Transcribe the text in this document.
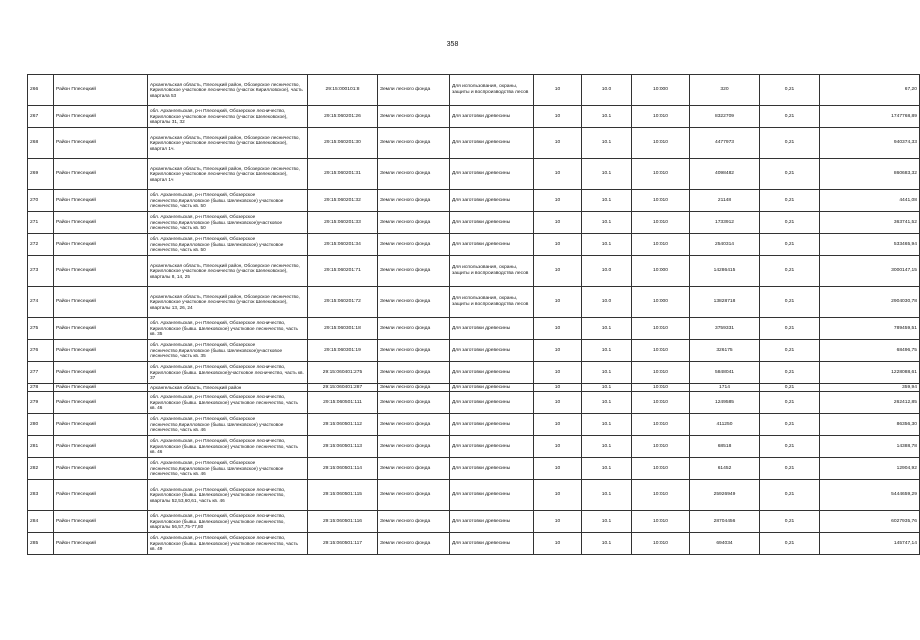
358
266	Район Плесецкий	Архангельская область, Плесецкий район, Обозерское лесничество, Кирилловское участковое лесничество (участок Кирилловское), часть квартала 53	29:15:000101:8	Земли лесного фонда	Для использования, охраны, защиты и воспроизводства лесов	10	10.0	10:000	320	0,21	67,20
267	Район Плесецкий	обл. Архангельская, р-н Плесецкий, Обозерское лесничество, Кирилловское участковое лесничество (участок Шелековское), кварталы 31, 32	29:15:060201:26	Земли лесного фонда	Для заготовки древесины	10	10.1	10:010	8322709	0,21	1747768,89
268	Район Плесецкий	Архангельская область, Плесецкий район, Обозерское лесничество, Кирилловское участковое лесничество (участок Шелековское), квартал 1ч.	29:15:060201:30	Земли лесного фонда	Для заготовки древесины	10	10.1	10:010	4477973	0,21	940374,33
269	Район Плесецкий	Архангельская область, Плесецкий район, Обозерское лесничество, Кирилловское участковое лесничество (участок Шелековское), квартал 1ч	29:15:060201:31	Земли лесного фонда	Для заготовки древесины	10	10.1	10:010	4098482	0,21	860683,32
270	Район Плесецкий	обл. Архангельская, р-н Плесецкий, Обозерское лесничество,Кирилловское (бывш. Шелековское) участковое лесничество, часть кв. 50	29:15:060201:32	Земли лесного фонда	Для заготовки древесины	10	10.1	10:010	21148	0,21	4441,08
271	Район Плесецкий	обл. Архангельская, р-н Плесецкий, Обозерское лесничество,Кирилловское (бывш. Шелековское)участковое лесничество, часть кв. 50	29:15:060201:33	Земли лесного фонда	Для заготовки древесины	10	10.1	10:010	1733912	0,21	363741,52
272	Район Плесецкий	обл. Архангельская, р-н Плесецкий, Обозерское лесничество,Кирилловское (бывш. Шелековское) участковое лесничество, часть кв. 50	29:15:060201:34	Земли лесного фонда	Для заготовки древесины	10	10.1	10:010	2540314	0,21	533465,94
273	Район Плесецкий	Архангельская область, Плесецкий район, Обозерское лесничество, Кирилловское участковое лесничество (участок Шелековское), кварталы 8, 14, 25	29:15:060201:71	Земли лесного фонда	Для использования, охраны, защиты и воспроизводства лесов	10	10.0	10:000	14286415	0,21	3000147,15
274	Район Плесецкий	Архангельская область, Плесецкий район, Обозерское лесничество, Кирилловское участковое лесничество (участок Шелековское), кварталы 13, 26, 24	29:15:060201:72	Земли лесного фонда	Для использования, охраны, защиты и воспроизводства лесов	10	10.0	10:000	13828718	0,21	2904030,78
275	Район Плесецкий	обл. Архангельская, р-н Плесецкий, Обозерское лесничество, Кирилловское (бывш. Шелековское) участковое лесничество, часть кв. 35	29:15:060301:18	Земли лесного фонда	Для заготовки древесины	10	10.1	10:010	3759331	0,21	789459,51
276	Район Плесецкий	обл. Архангельская, р-н Плесецкий, Обозерское лесничество,Кирилловское (бывш. Шелековское)участковое лесничество, часть кв. 35	29:15:060301:19	Земли лесного фонда	Для заготовки древесины	10	10.1	10:010	326175	0,21	68496,75
277	Район Плесецкий	обл. Архангельская, р-н Плесецкий, Обозерское лесничество, Кирилловское (бывш. Шелековское)участковое лесничество, часть кв. 37	29:15:060401:275	Земли лесного фонда	Для заготовки древесины	10	10.1	10:010	5848041	0,21	1228088,61
278	Район Плесецкий	Архангельская область, Плесецкий район	29:15:060401:287	Земли лесного фонда	Для заготовки древесины	10	10.1	10:010	1714	0,21	359,94
279	Район Плесецкий	обл. Архангельская, р-н Плесецкий, Обозерское лесничество, Кирилловское (бывш. Шелековское) участковое лесничество, часть кв. 46	29:15:060501:111	Земли лесного фонда	Для заготовки древесины	10	10.1	10:010	1249585	0,21	262412,85
280	Район Плесецкий	обл. Архангельская, р-н Плесецкий, Обозерское лесничество,Кирилловское (бывш. Шелековское) участковое лесничество, часть кв. 46	29:15:060501:112	Земли лесного фонда	Для заготовки древесины	10	10.1	10:010	411250	0,21	86356,30
281	Район Плесецкий	обл. Архангельская, р-н Плесецкий, Обозерское лесничество, Кирилловское (бывш. Шелековское) участковое лесничество, часть кв. 46	29:15:060501:113	Земли лесного фонда	Для заготовки древесины	10	10.1	10:010	68518	0,21	14388,78
282	Район Плесецкий	обл. Архангельская, р-н Плесецкий, Обозерское лесничество,Кирилловское (бывш. Шелековское) участковое лесничество, часть кв. 46	29:15:060501:114	Земли лесного фонда	Для заготовки древесины	10	10.1	10:010	61452	0,21	12904,92
283	Район Плесецкий	обл. Архангельская, р-н Плесецкий, Обозерское лесничество, Кирилловское (бывш. Шелековское) участковое лесничество, кварталы 52,53,60,61, часть кв. 46	29:15:060501:115	Земли лесного фонда	Для заготовки древесины	10	10.1	10:010	25926949	0,21	5444659,29
284	Район Плесецкий	обл. Архангельская, р-н Плесецкий, Обозерское лесничество, Кирилловское (бывш. Шелековское) участковое лесничество, кварталы 56,57,75-77,80	29:15:060501:116	Земли лесного фонда	Для заготовки древесины	10	10.1	10:010	28704456	0,21	6027935,76
285	Район Плесецкий	обл. Архангельская, р-н Плесецкий, Обозерское лесничество, Кирилловское (бывш. Шелековское) участковое лесничество, часть кв. 49	29:15:060501:117	Земли лесного фонда	Для заготовки древесины	10	10.1	10:010	694034	0,21	145747,14
